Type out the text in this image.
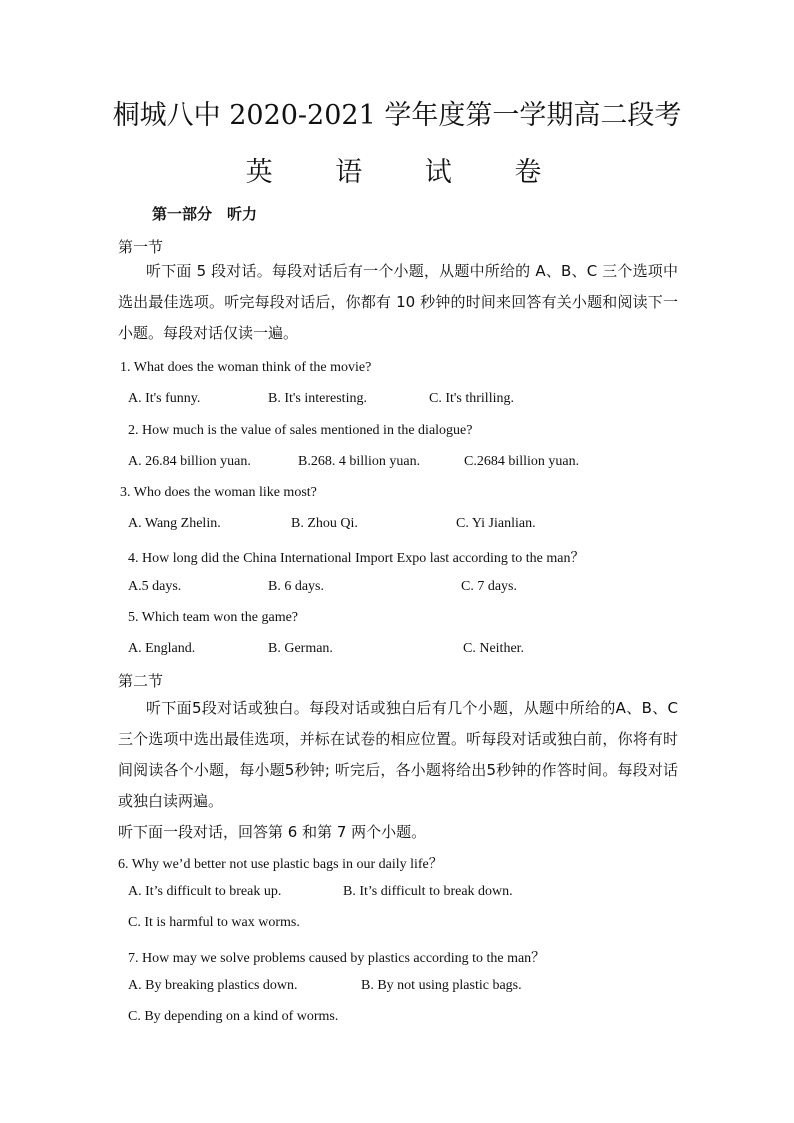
桐城八中 2020-2021 学年度第一学期高二段考
英 语 试 卷
第一部分　听力
第一节
听下面 5 段对话。每段对话后有一个小题，从题中所给的 A、B、C 三个选项中选出最佳选项。听完每段对话后，你都有 10 秒钟的时间来回答有关小题和阅读下一小题。每段对话仅读一遍。
1. What does the woman think of the movie?
A. It's funny.	B. It's interesting.	C. It's thrilling.
2. How much is the value of sales mentioned in the dialogue?
A. 26.84 billion yuan.	B.268. 4 billion yuan.	C.2684 billion yuan.
3. Who does the woman like most?
A. Wang Zhelin.	B. Zhou Qi.	C. Yi Jianlian.
4. How long did the China International Import Expo last according to the man？
A.5 days.	B. 6 days.	C. 7 days.
5. Which team won the game?
A. England.	B. German.	C. Neither.
第二节
听下面5段对话或独白。每段对话或独白后有几个小题，从题中所给的A、B、C三个选项中选出最佳选项，并标在试卷的相应位置。听每段对话或独白前，你将有时间阅读各个小题，每小题5秒钟; 听完后，各小题将给出5秒钟的作答时间。每段对话或独白读两遍。
听下面一段对话，回答第 6 和第 7 两个小题。
6. Why we’d better not use plastic bags in our daily life？
A. It’s difficult to break up.	B. It’s difficult to break down.
C. It is harmful to wax worms.
7. How may we solve problems caused by plastics according to the man？
A. By breaking plastics down.	B. By not using plastic bags.
C. By depending on a kind of worms.
